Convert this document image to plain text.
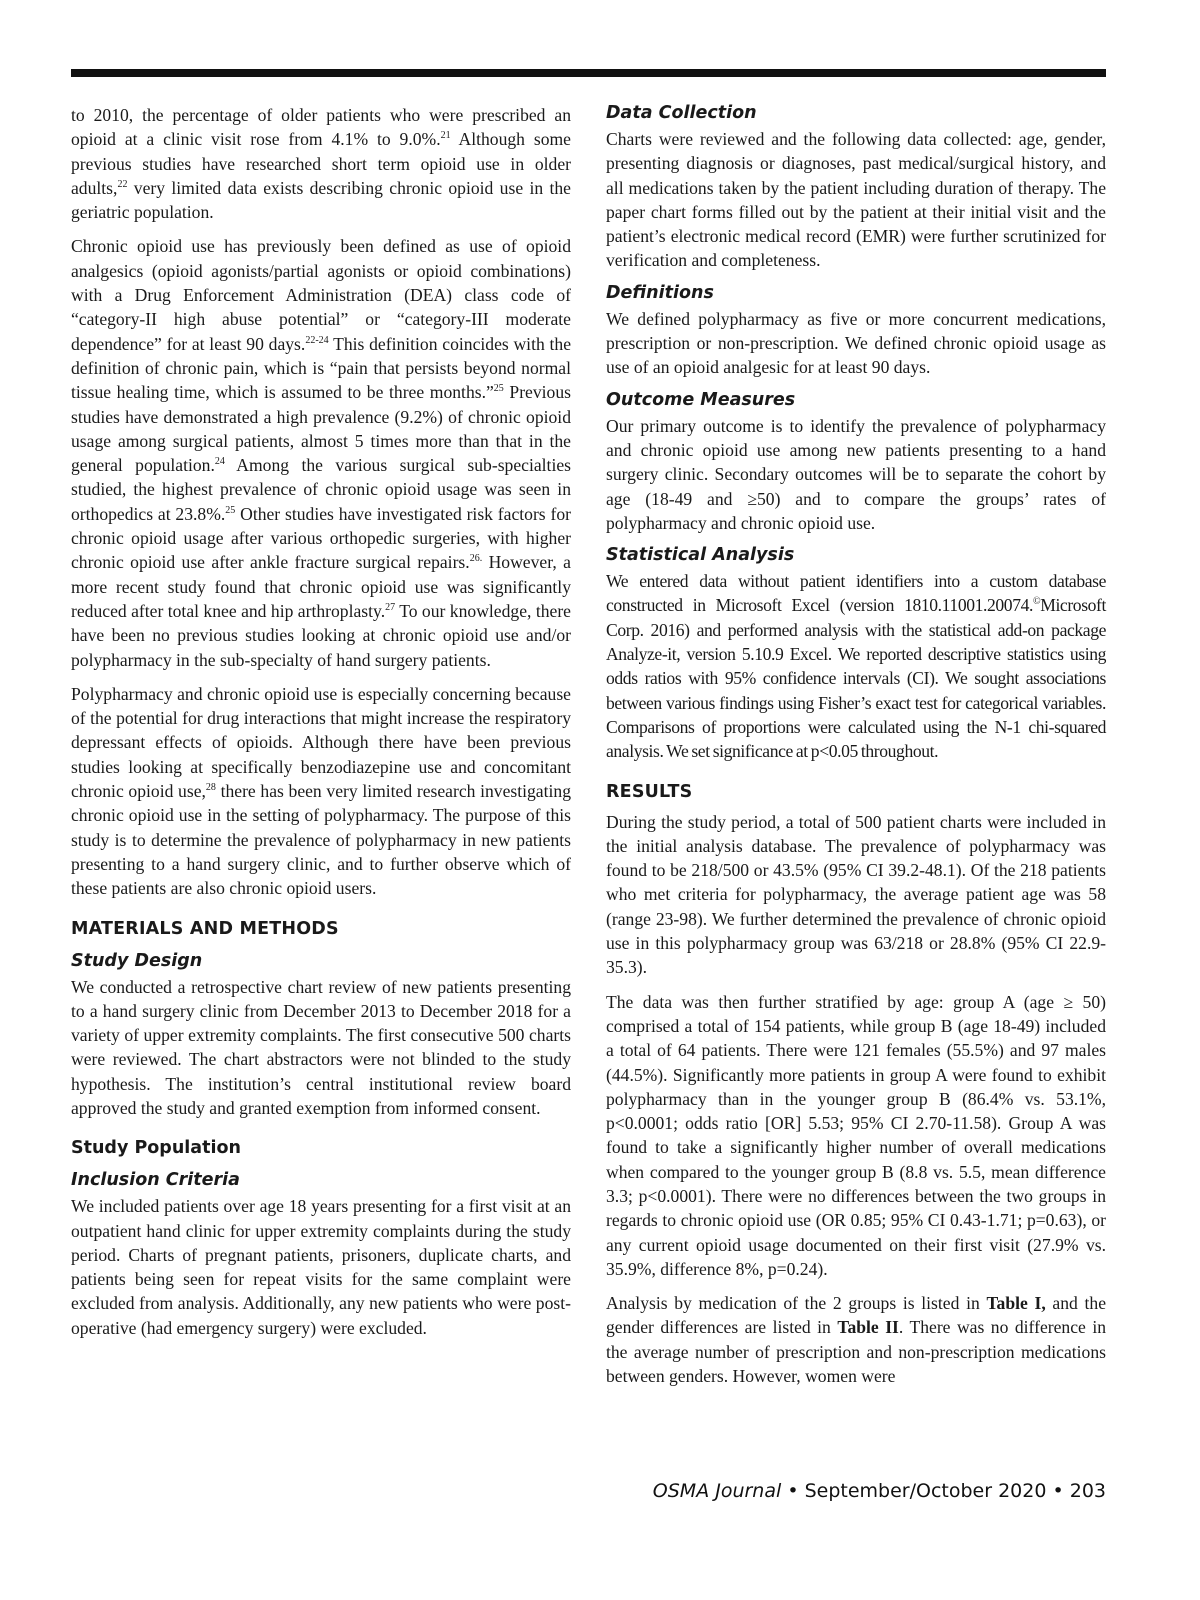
to 2010, the percentage of older patients who were prescribed an opioid at a clinic visit rose from 4.1% to 9.0%.$^{21}$ Although some previous studies have researched short term opioid use in older adults,$^{22}$ very limited data exists describing chronic opioid use in the geriatric population.

Chronic opioid use has previously been defined as use of opioid analgesics (opioid agonists/partial agonists or opioid combinations) with a Drug Enforcement Administration (DEA) class code of “category-II high abuse potential” or “category-III moderate dependence” for at least 90 days.$^{22-24}$ This definition coincides with the definition of chronic pain, which is “pain that persists beyond normal tissue healing time, which is assumed to be three months.”$^{25}$ Previous studies have demonstrated a high prevalence (9.2%) of chronic opioid usage among surgical patients, almost 5 times more than that in the general population.$^{24}$ Among the various surgical sub-specialties studied, the highest prevalence of chronic opioid usage was seen in orthopedics at 23.8%.$^{25}$ Other studies have investigated risk factors for chronic opioid usage after various orthopedic surgeries, with higher chronic opioid use after ankle fracture surgical repairs.$^{26.}$ However, a more recent study found that chronic opioid use was significantly reduced after total knee and hip arthroplasty.$^{27}$ To our knowledge, there have been no previous studies looking at chronic opioid use and/or polypharmacy in the sub-specialty of hand surgery patients.

Polypharmacy and chronic opioid use is especially concerning because of the potential for drug interactions that might increase the respiratory depressant effects of opioids. Although there have been previous studies looking at specifically benzodiazepine use and concomitant chronic opioid use,$^{28}$ there has been very limited research investigating chronic opioid use in the setting of polypharmacy. The purpose of this study is to determine the prevalence of polypharmacy in new patients presenting to a hand surgery clinic, and to further observe which of these patients are also chronic opioid users.

MATERIALS AND METHODS
Study Design

We conducted a retrospective chart review of new patients presenting to a hand surgery clinic from December 2013 to December 2018 for a variety of upper extremity complaints. The first consecutive 500 charts were reviewed. The chart abstractors were not blinded to the study hypothesis. The institution’s central institutional review board approved the study and granted exemption from informed consent.

Study Population
Inclusion Criteria

We included patients over age 18 years presenting for a first visit at an outpatient hand clinic for upper extremity complaints during the study period. Charts of pregnant patients, prisoners, duplicate charts, and patients being seen for repeat visits for the same complaint were excluded from analysis. Additionally, any new patients who were post-operative (had emergency surgery) were excluded.

Data Collection

Charts were reviewed and the following data collected: age, gender, presenting diagnosis or diagnoses, past medical/surgical history, and all medications taken by the patient including duration of therapy. The paper chart forms filled out by the patient at their initial visit and the patient’s electronic medical record (EMR) were further scrutinized for verification and completeness.

Definitions

We defined polypharmacy as five or more concurrent medications, prescription or non-prescription. We defined chronic opioid usage as use of an opioid analgesic for at least 90 days.

Outcome Measures

Our primary outcome is to identify the prevalence of polypharmacy and chronic opioid use among new patients presenting to a hand surgery clinic. Secondary outcomes will be to separate the cohort by age (18-49 and ≥50) and to compare the groups’ rates of polypharmacy and chronic opioid use.

Statistical Analysis

We entered data without patient identifiers into a custom database constructed in Microsoft Excel (version 1810.11001.20074.©Microsoft Corp. 2016) and performed analysis with the statistical add-on package Analyze-it, version 5.10.9 Excel. We reported descriptive statistics using odds ratios with 95% confidence intervals (CI). We sought associations between various findings using Fisher’s exact test for categorical variables. Comparisons of proportions were calculated using the N-1 chi-squared analysis. We set significance at p<0.05 throughout.

RESULTS

During the study period, a total of 500 patient charts were included in the initial analysis database. The prevalence of polypharmacy was found to be 218/500 or 43.5% (95% CI 39.2-48.1). Of the 218 patients who met criteria for polypharmacy, the average patient age was 58 (range 23-98). We further determined the prevalence of chronic opioid use in this polypharmacy group was 63/218 or 28.8% (95% CI 22.9-35.3).

The data was then further stratified by age: group A (age ≥ 50) comprised a total of 154 patients, while group B (age 18-49) included a total of 64 patients. There were 121 females (55.5%) and 97 males (44.5%). Significantly more patients in group A were found to exhibit polypharmacy than in the younger group B (86.4% vs. 53.1%, p<0.0001; odds ratio [OR] 5.53; 95% CI 2.70-11.58). Group A was found to take a significantly higher number of overall medications when compared to the younger group B (8.8 vs. 5.5, mean difference 3.3; p<0.0001). There were no differences between the two groups in regards to chronic opioid use (OR 0.85; 95% CI 0.43-1.71; p=0.63), or any current opioid usage documented on their first visit (27.9% vs. 35.9%, difference 8%, p=0.24).

Analysis by medication of the 2 groups is listed in Table I, and the gender differences are listed in Table II. There was no difference in the average number of prescription and non-prescription medications between genders. However, women were

OSMA Journal • September/October 2020 • 203
